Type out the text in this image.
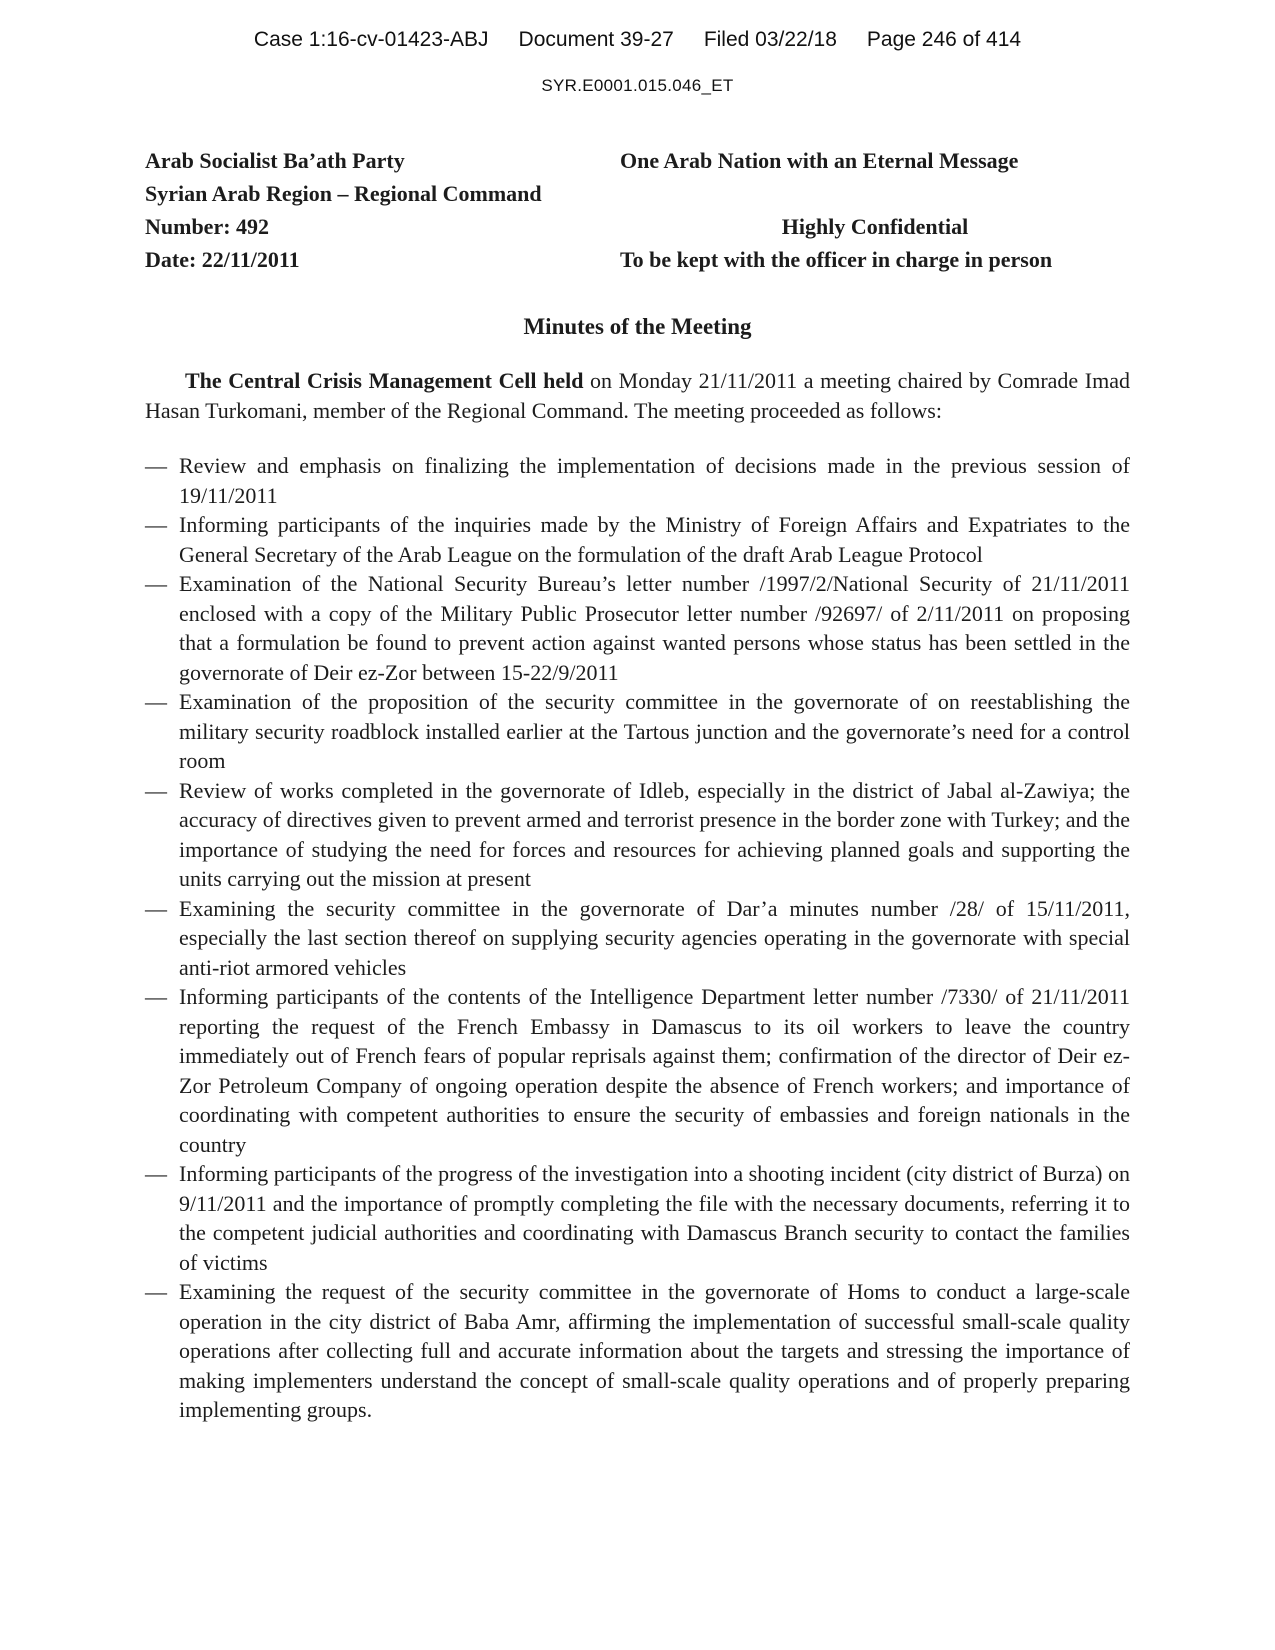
Case 1:16-cv-01423-ABJ Document 39-27 Filed 03/22/18 Page 246 of 414
SYR.E0001.015.046_ET
Arab Socialist Ba’ath Party
Syrian Arab Region – Regional Command
Number: 492
Date: 22/11/2011
One Arab Nation with an Eternal Message
Highly Confidential
To be kept with the officer in charge in person
Minutes of the Meeting

The Central Crisis Management Cell held on Monday 21/11/2011 a meeting chaired by Comrade Imad Hasan Turkomani, member of the Regional Command. The meeting proceeded as follows:

— Review and emphasis on finalizing the implementation of decisions made in the previous session of 19/11/2011
— Informing participants of the inquiries made by the Ministry of Foreign Affairs and Expatriates to the General Secretary of the Arab League on the formulation of the draft Arab League Protocol
— Examination of the National Security Bureau’s letter number /1997/2/National Security of 21/11/2011 enclosed with a copy of the Military Public Prosecutor letter number /92697/ of 2/11/2011 on proposing that a formulation be found to prevent action against wanted persons whose status has been settled in the governorate of Deir ez-Zor between 15-22/9/2011
— Examination of the proposition of the security committee in the governorate of on reestablishing the military security roadblock installed earlier at the Tartous junction and the governorate’s need for a control room
— Review of works completed in the governorate of Idleb, especially in the district of Jabal al-Zawiya; the accuracy of directives given to prevent armed and terrorist presence in the border zone with Turkey; and the importance of studying the need for forces and resources for achieving planned goals and supporting the units carrying out the mission at present
— Examining the security committee in the governorate of Dar’a minutes number /28/ of 15/11/2011, especially the last section thereof on supplying security agencies operating in the governorate with special anti-riot armored vehicles
— Informing participants of the contents of the Intelligence Department letter number /7330/ of 21/11/2011 reporting the request of the French Embassy in Damascus to its oil workers to leave the country immediately out of French fears of popular reprisals against them; confirmation of the director of Deir ez-Zor Petroleum Company of ongoing operation despite the absence of French workers; and importance of coordinating with competent authorities to ensure the security of embassies and foreign nationals in the country
— Informing participants of the progress of the investigation into a shooting incident (city district of Burza) on 9/11/2011 and the importance of promptly completing the file with the necessary documents, referring it to the competent judicial authorities and coordinating with Damascus Branch security to contact the families of victims
— Examining the request of the security committee in the governorate of Homs to conduct a large-scale operation in the city district of Baba Amr, affirming the implementation of successful small-scale quality operations after collecting full and accurate information about the targets and stressing the importance of making implementers understand the concept of small-scale quality operations and of properly preparing implementing groups.
